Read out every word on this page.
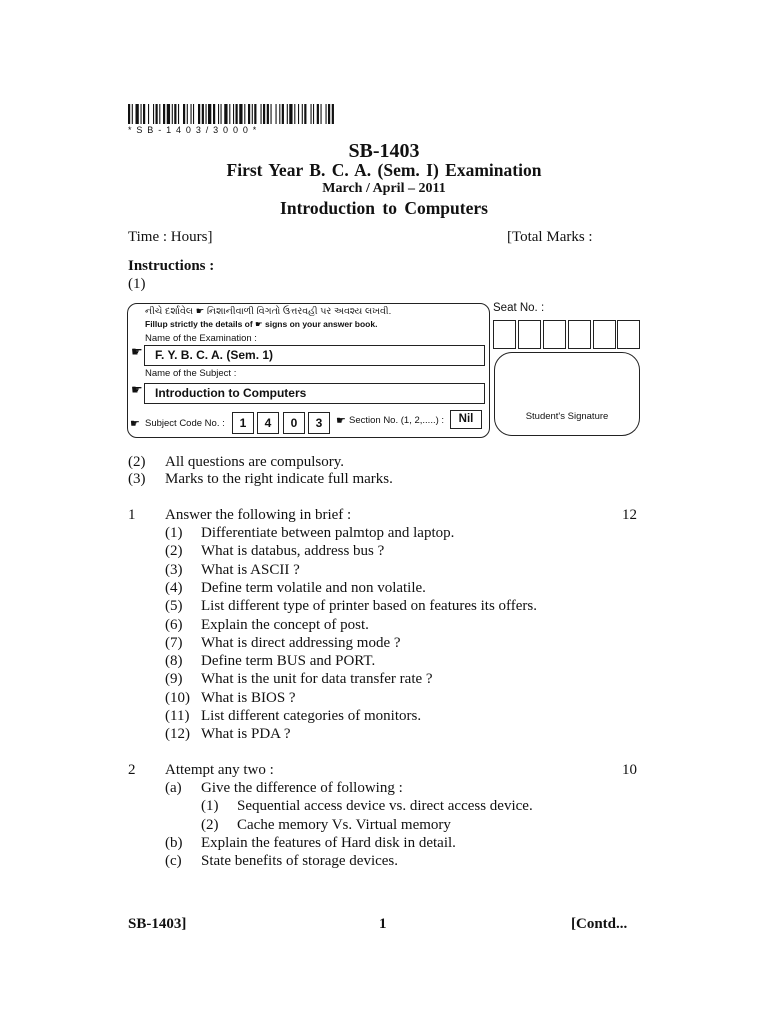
* S B - 1 4 0 3 / 3 0 0 0 *
SB-1403
First Year B. C. A. (Sem. I) Examination
March / April – 2011
Introduction to Computers
Time : Hours]	[Total Marks :
Instructions :
(1)
નીચે દર્શાવેલ ☛ નિશાનીવાળી વિગતો ઉત્તરવહી પર અવશ્ય લખવી.
Fillup strictly the details of ☛ signs on your answer book.
Name of the Examination :
☛ F. Y. B. C. A. (Sem. 1)
Name of the Subject :
☛ Introduction to Computers
☛ Subject Code No. :	1	4	0	3	☛ Section No. (1, 2,.....) :	Nil
Seat No. :
Student's Signature
(2) All questions are compulsory.
(3) Marks to the right indicate full marks.
1 Answer the following in brief :	12
(1) Differentiate between palmtop and laptop.
(2) What is databus, address bus ?
(3) What is ASCII ?
(4) Define term volatile and non volatile.
(5) List different type of printer based on features its offers.
(6) Explain the concept of post.
(7) What is direct addressing mode ?
(8) Define term BUS and PORT.
(9) What is the unit for data transfer rate ?
(10) What is BIOS ?
(11) List different categories of monitors.
(12) What is PDA ?
2 Attempt any two :	10
(a) Give the difference of following :
(1) Sequential access device vs. direct access device.
(2) Cache memory Vs. Virtual memory
(b) Explain the features of Hard disk in detail.
(c) State benefits of storage devices.
SB-1403]	1	[Contd...
